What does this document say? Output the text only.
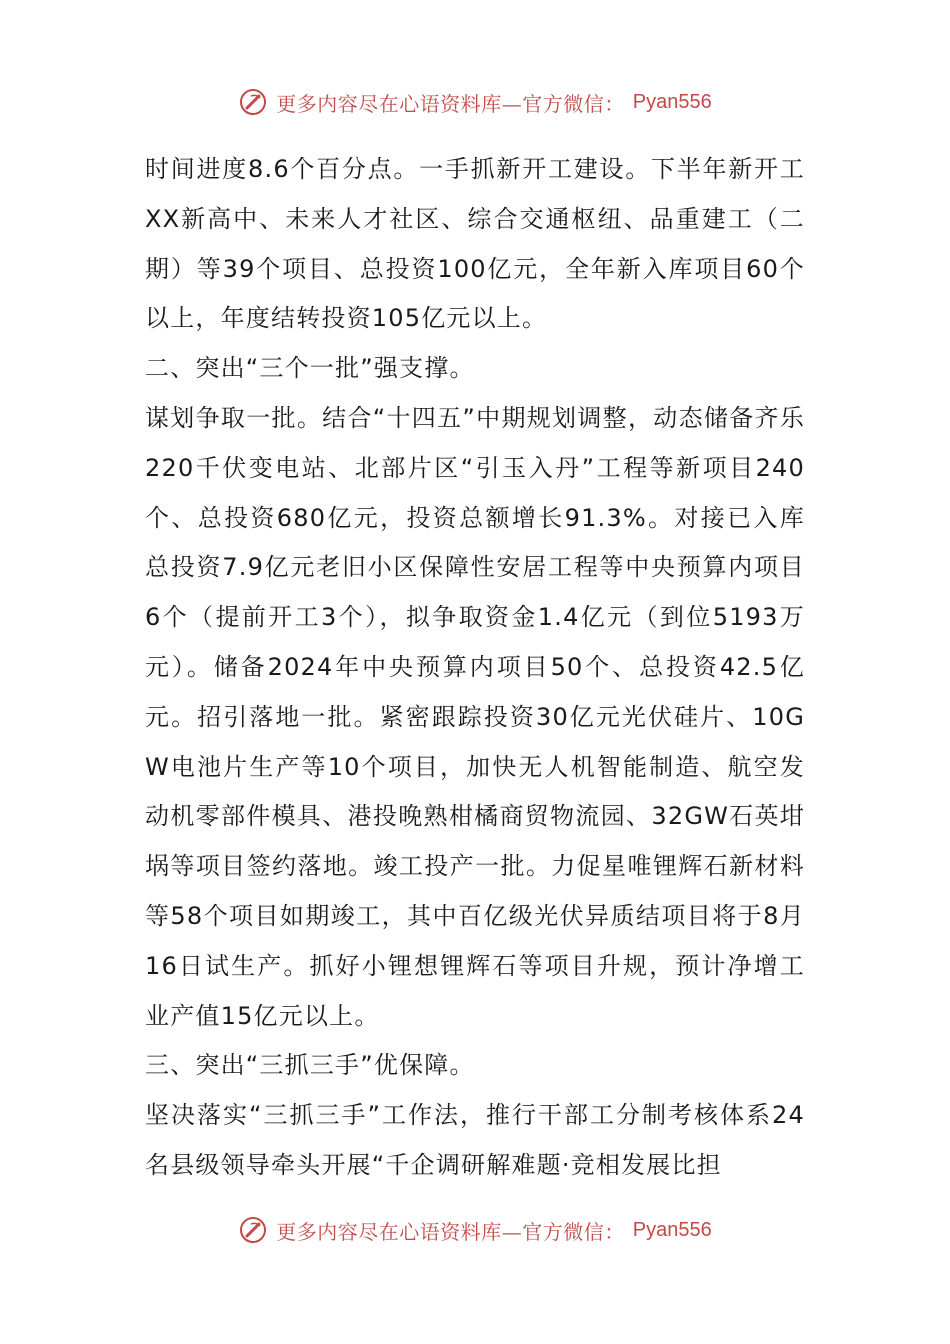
更多内容尽在心语资料库—官方微信： Pyan556

时间进度8.6个百分点。一手抓新开工建设。下半年新开工XX新高中、未来人才社区、综合交通枢纽、品重建工（二期）等39个项目、总投资100亿元，全年新入库项目60个以上，年度结转投资105亿元以上。

二、突出“三个一批”强支撑。

谋划争取一批。结合“十四五”中期规划调整，动态储备齐乐220千伏变电站、北部片区“引玉入丹”工程等新项目240个、总投资680亿元，投资总额增长91.3%。对接已入库总投资7.9亿元老旧小区保障性安居工程等中央预算内项目6个（提前开工3个），拟争取资金1.4亿元（到位5193万元）。储备2024年中央预算内项目50个、总投资42.5亿元。招引落地一批。紧密跟踪投资30亿元光伏硅片、10GW电池片生产等10个项目，加快无人机智能制造、航空发动机零部件模具、港投晚熟柑橘商贸物流园、32GW石英坩埚等项目签约落地。竣工投产一批。力促星唯锂辉石新材料等58个项目如期竣工，其中百亿级光伏异质结项目将于8月16日试生产。抓好小锂想锂辉石等项目升规，预计净增工业产值15亿元以上。

三、突出“三抓三手”优保障。

坚决落实“三抓三手”工作法，推行干部工分制考核体系24名县级领导牵头开展“千企调研解难题·竞相发展比担

更多内容尽在心语资料库—官方微信： Pyan556
